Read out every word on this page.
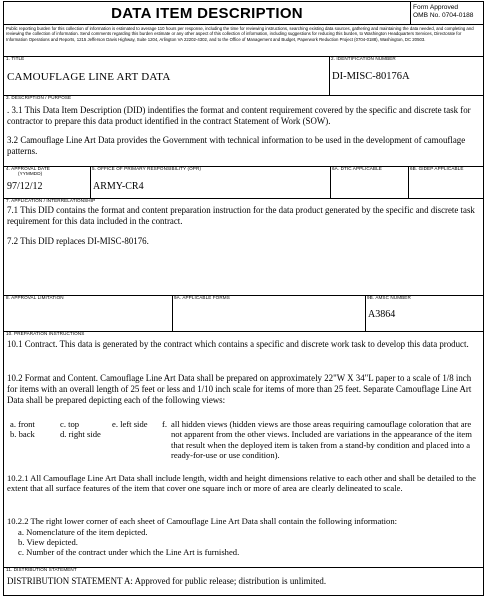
DATA ITEM DESCRIPTION	Form Approved
OMB No. 0704-0188
Public reporting burden for this collection of information is estimated to average 110 hours per response, including the time for reviewing instructions, searching existing data sources, gathering and maintaining the data needed, and completing and reviewing the collection of information. Send comments regarding this burden estimate or any other aspect of this collection of information, including suggestions for reducing this burden, to Washington Headquarters Services, Directorate for Information Operations and Reports, 1215 Jefferson Davis Highway, Suite 1204, Arlington VA 22202-4302, and to the Office of Management and Budget, Paperwork Reduction Project (0704-0188), Washington, DC 20503.
1. TITLE
CAMOUFLAGE LINE ART DATA
2. IDENTIFICATION NUMBER
DI-MISC-80176A
3. DESCRIPTION / PURPOSE
. 3.1 This Data Item Description (DID) indentifies the format and content requirement covered by the specific and discrete task for contractor to prepare this data product identified in the contract Statement of Work (SOW).
3.2 Camouflage Line Art Data provides the Government with technical information to be used in the development of camouflage patterns.
4. APPROVAL DATE
(YYMMDD)
97/12/12
5. OFFICE OF PRIMARY RESPONSIBILITY (OPR)
ARMY-CR4
6A. DTIC APPLICABLE	6B. GIDEP APPLICABLE
7. APPLICATION / INTERRELATIONSHIP
7.1 This DID contains the format and content preparation instruction for the data product generated by the specific and discrete task requirement for this data included in the contract.
7.2 This DID replaces DI-MISC-80176.
8. APPROVAL LIMITATION	9A. APPLICABLE FORMS	9B. AMSC NUMBER
A3864
10. PREPARATION INSTRUCTIONS
10.1 Contract. This data is generated by the contract which contains a specific and discrete work task to develop this data product.
10.2 Format and Content. Camouflage Line Art Data shall be prepared on approximately 22"W X 34"L paper to a scale of 1/8 inch for items with an overall length of 25 feet or less and 1/10 inch scale for items of more than 25 feet. Separate Camouflage Line Art Data shall be prepared depicting each of the following views:
a. front
b. back
c. top
d. right side
e. left side f. all hidden views (hidden views are those areas requiring camouflage coloration that are not apparent from the other views. Included are variations in the appearance of the item that result when the deployed item is taken from a stand-by condition and placed into a ready-for-use or use condition).
10.2.1 All Camouflage Line Art Data shall include length, width and height dimensions relative to each other and shall be detailed to the extent that all surface features of the item that cover one square inch or more of area are clearly delineated to scale.
10.2.2 The right lower corner of each sheet of Camouflage Line Art Data shall contain the following information:
a. Nomenclature of the item depicted.
b. View depicted.
c. Number of the contract under which the Line Art is furnished.
11. DISTRIBUTION STATEMENT
DISTRIBUTION STATEMENT A: Approved for public release; distribution is unlimited.
